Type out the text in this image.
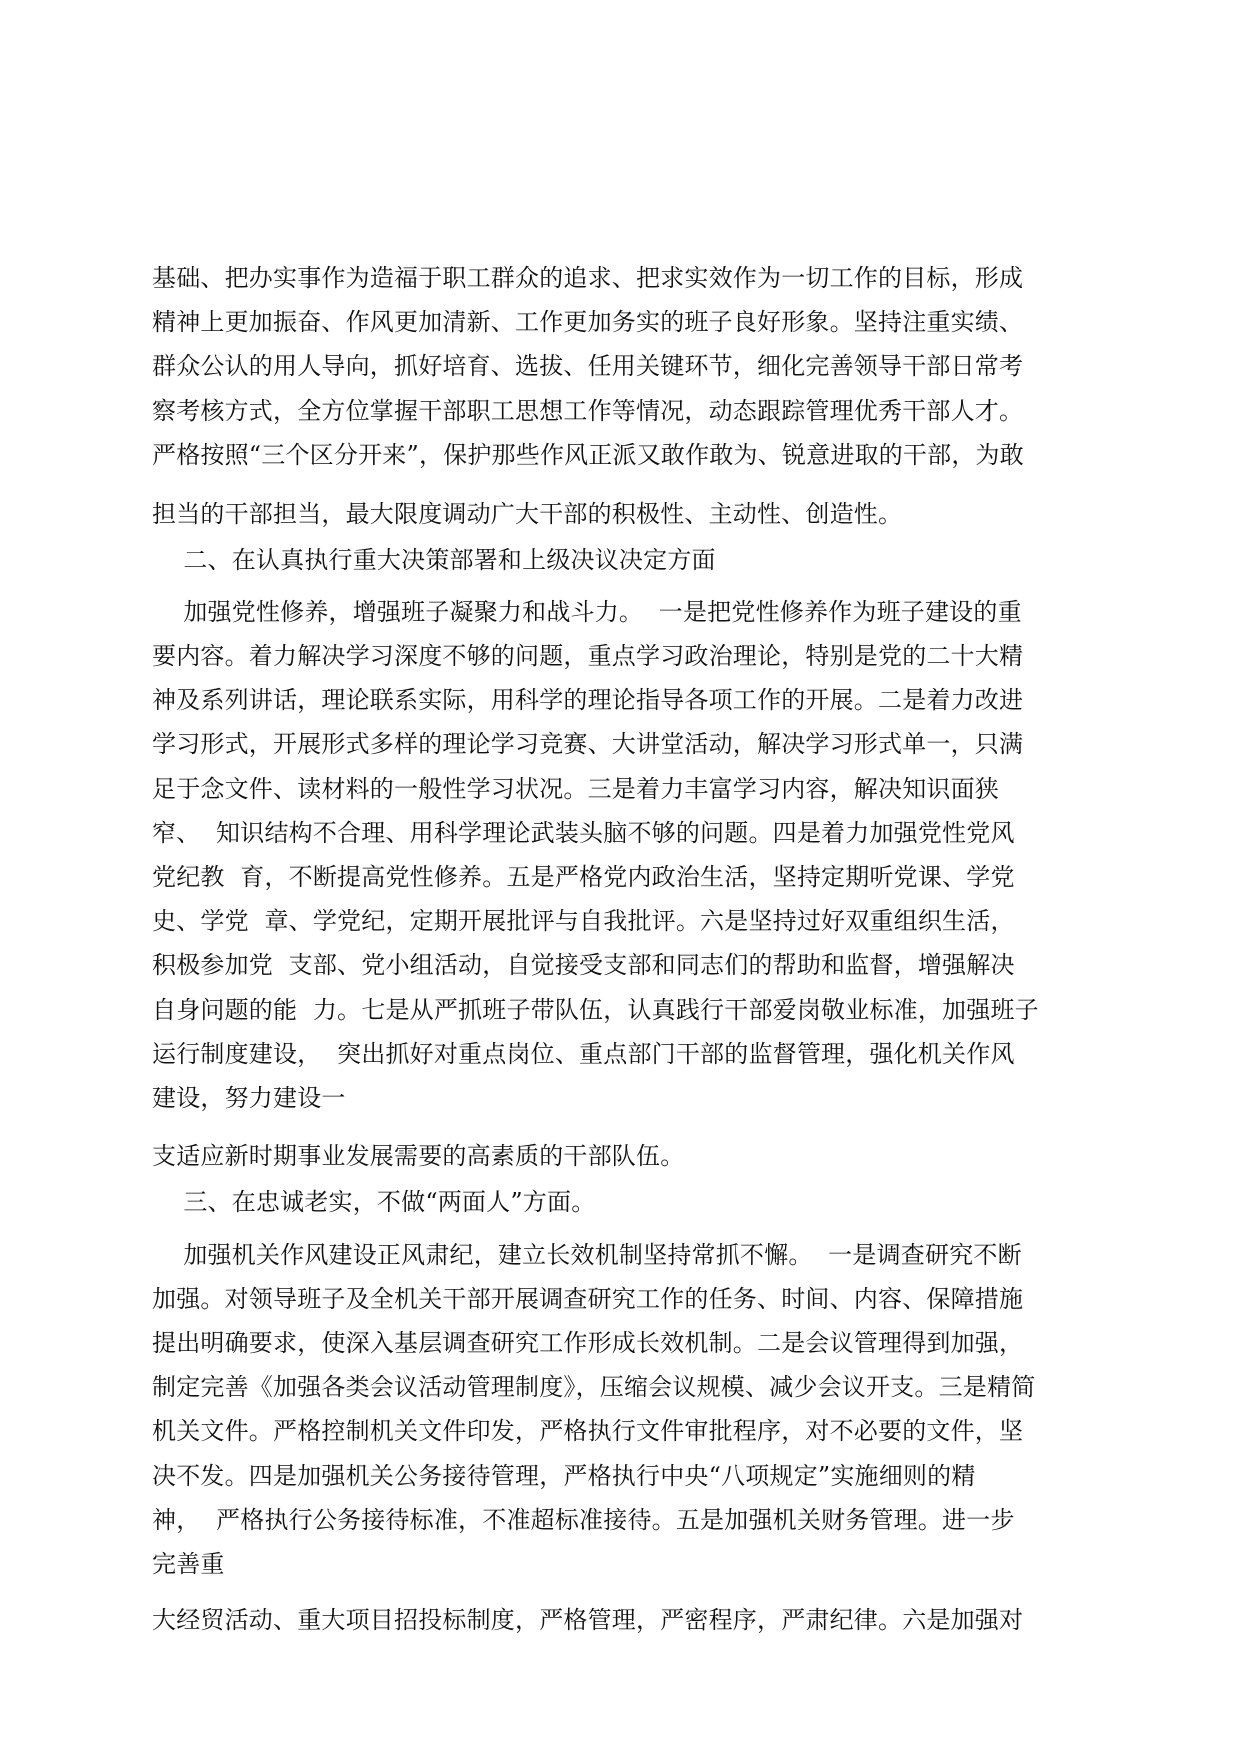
基础、把办实事作为造福于职工群众的追求、把求实效作为一切工作的目标，形成
精神上更加振奋、作风更加清新、工作更加务实的班子良好形象。坚持注重实绩、
群众公认的用人导向，抓好培育、选拔、任用关键环节，细化完善领导干部日常考
察考核方式，全方位掌握干部职工思想工作等情况，动态跟踪管理优秀干部人才。
严格按照“三个区分开来”，保护那些作风正派又敢作敢为、锐意进取的干部，为敢
担当的干部担当，最大限度调动广大干部的积极性、主动性、创造性。
二、在认真执行重大决策部署和上级决议决定方面
加强党性修养，增强班子凝聚力和战斗力。  一是把党性修养作为班子建设的重
要内容。着力解决学习深度不够的问题，重点学习政治理论，特别是党的二十大精
神及系列讲话，理论联系实际，用科学的理论指导各项工作的开展。二是着力改进
学习形式，开展形式多样的理论学习竞赛、大讲堂活动，解决学习形式单一，只满
足于念文件、读材料的一般性学习状况。三是着力丰富学习内容，解决知识面狭
窄、  知识结构不合理、用科学理论武装头脑不够的问题。四是着力加强党性党风
党纪教  育，不断提高党性修养。五是严格党内政治生活，坚持定期听党课、学党
史、学党  章、学党纪，定期开展批评与自我批评。六是坚持过好双重组织生活，
积极参加党  支部、党小组活动，自觉接受支部和同志们的帮助和监督，增强解决
自身问题的能  力。七是从严抓班子带队伍，认真践行干部爱岗敬业标准，加强班子
运行制度建设，  突出抓好对重点岗位、重点部门干部的监督管理，强化机关作风
建设，努力建设一
支适应新时期事业发展需要的高素质的干部队伍。
三、在忠诚老实，不做“两面人”方面。
加强机关作风建设正风肃纪，建立长效机制坚持常抓不懈。  一是调查研究不断
加强。对领导班子及全机关干部开展调查研究工作的任务、时间、内容、保障措施
提出明确要求，使深入基层调查研究工作形成长效机制。二是会议管理得到加强，
制定完善《加强各类会议活动管理制度》，压缩会议规模、减少会议开支。三是精简
机关文件。严格控制机关文件印发，严格执行文件审批程序，对不必要的文件，坚
决不发。四是加强机关公务接待管理，严格执行中央“八项规定”实施细则的精
神，  严格执行公务接待标准，不准超标准接待。五是加强机关财务管理。进一步
完善重
大经贸活动、重大项目招投标制度，严格管理，严密程序，严肃纪律。六是加强对
